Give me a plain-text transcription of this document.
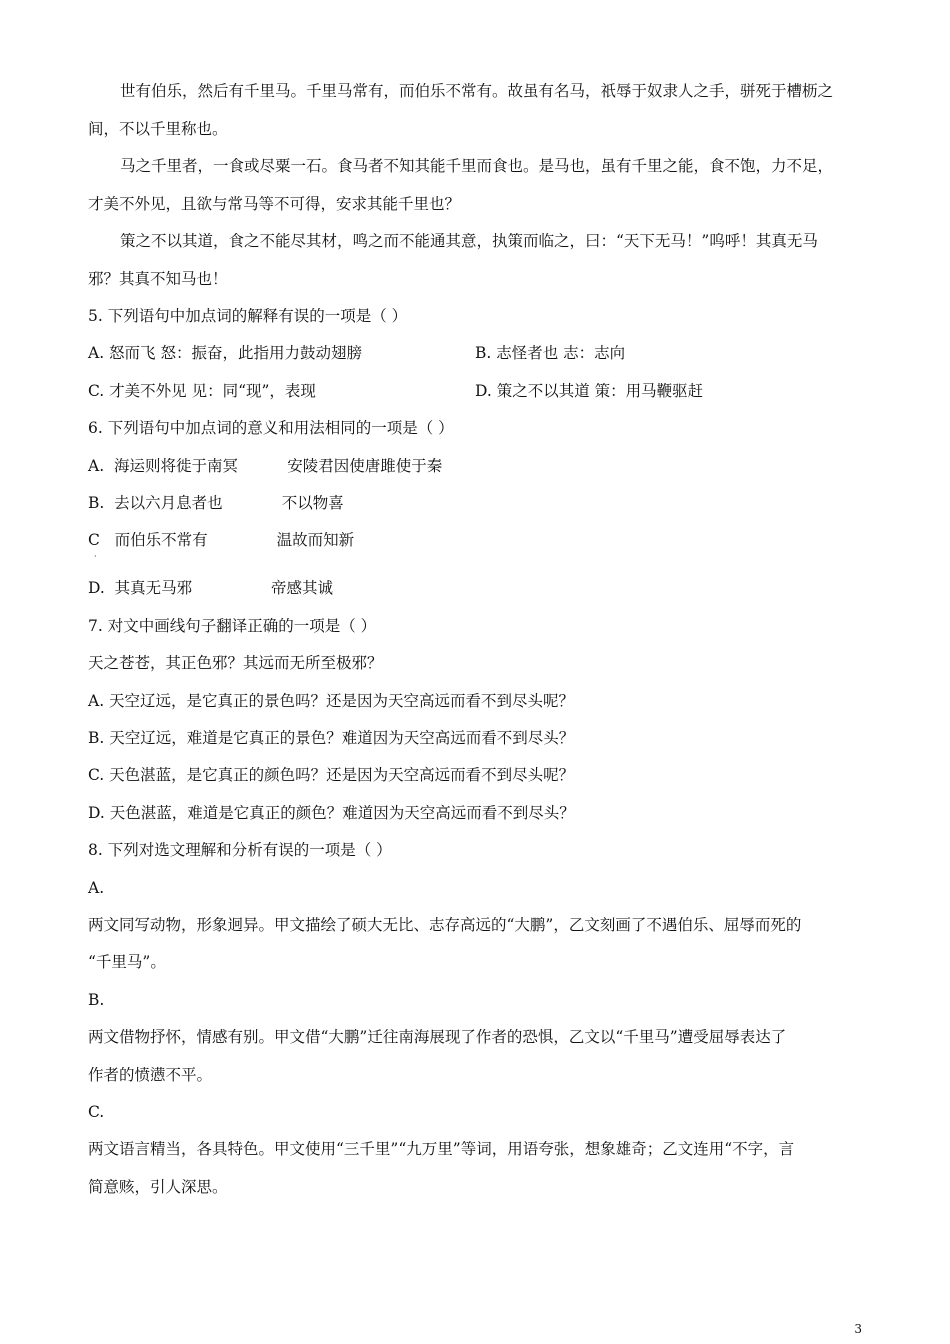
世有伯乐，然后有千里马。千里马常有，而伯乐不常有。故虽有名马，祇辱于奴隶人之手，骈死于槽枥之
间，不以千里称也。
马之千里者，一食或尽粟一石。食马者不知其能千里而食也。是马也，虽有千里之能，食不饱，力不足，
才美不外见，且欲与常马等不可得，安求其能千里也？
策之不以其道，食之不能尽其材，鸣之而不能通其意，执策而临之，曰：“天下无马！”呜呼！其真无马
邪？其真不知马也！
5. 下列语句中加点词的解释有误的一项是（ ）
A. 怒而飞 怒：振奋，此指用力鼓动翅膀	B. 志怪者也 志：志向
C. 才美不外见 见：同“现”，表现	D. 策之不以其道 策：用马鞭驱赶
6. 下列语句中加点词的意义和用法相同的一项是（ ）
A.  海运则将徙于南冥          安陵君因使唐雎使于秦
B.  去以六月息者也            不以物喜
C   而伯乐不常有              温故而知新
·
D.  其真无马邪                帝感其诚
7. 对文中画线句子翻译正确的一项是（ ）
天之苍苍，其正色邪？其远而无所至极邪？
A. 天空辽远，是它真正的景色吗？还是因为天空高远而看不到尽头呢？
B. 天空辽远，难道是它真正的景色？难道因为天空高远而看不到尽头？
C. 天色湛蓝，是它真正的颜色吗？还是因为天空高远而看不到尽头呢？
D. 天色湛蓝，难道是它真正的颜色？难道因为天空高远而看不到尽头？
8. 下列对选文理解和分析有误的一项是（ ）
A.
两文同写动物，形象迥异。甲文描绘了硕大无比、志存高远的“大鹏”，乙文刻画了不遇伯乐、屈辱而死的
“千里马”。
B.
两文借物抒怀，情感有别。甲文借“大鹏”迁往南海展现了作者的恐惧，乙文以“千里马”遭受屈辱表达了
作者的愤懑不平。
C.
两文语言精当，各具特色。甲文使用“三千里”“九万里”等词，用语夸张，想象雄奇；乙文连用“不字，言
简意赅，引人深思。
3
